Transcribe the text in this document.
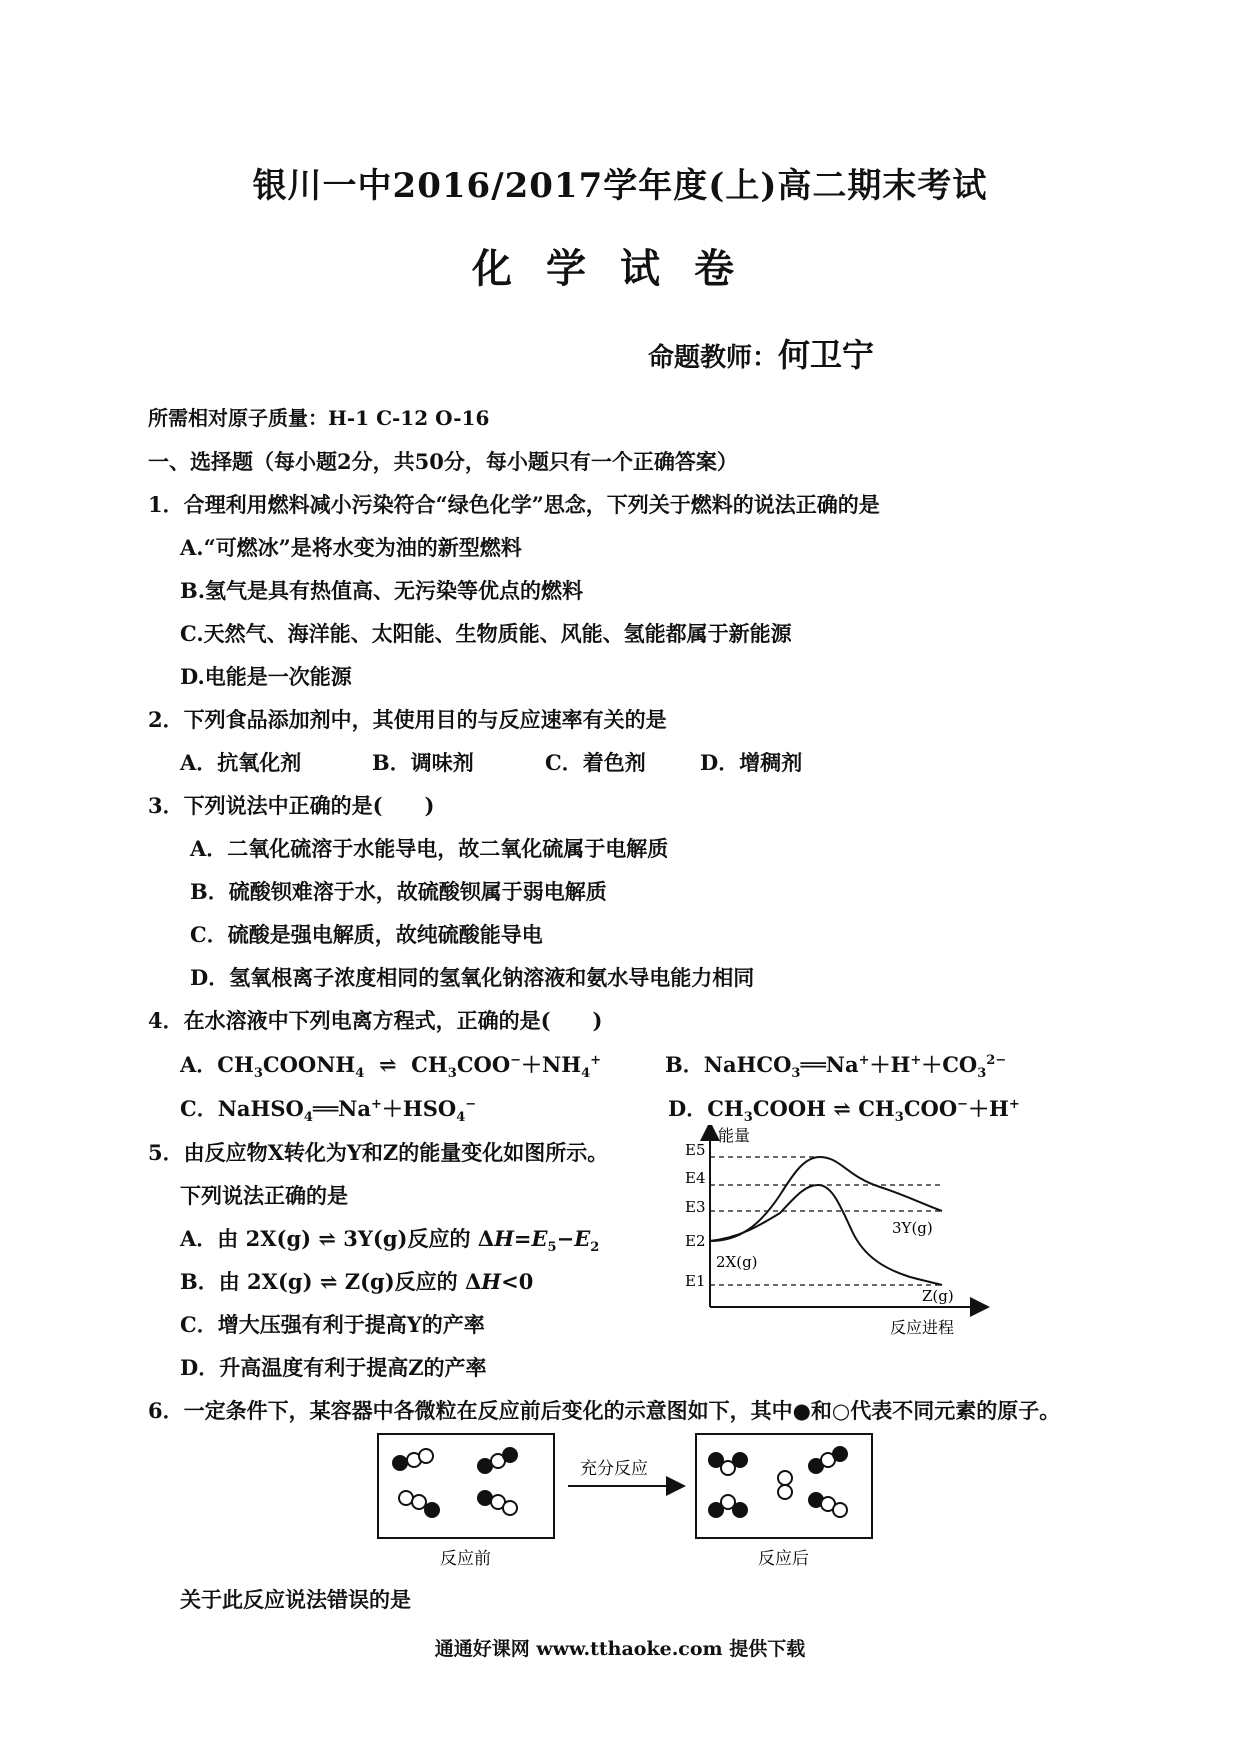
银川一中2016/2017学年度(上)高二期末考试
化学试卷
命题教师：何卫宁
所需相对原子质量：H-1 C-12 O-16
一、选择题（每小题2分，共50分，每小题只有一个正确答案）
1．合理利用燃料减小污染符合“绿色化学”思念，下列关于燃料的说法正确的是
A.“可燃冰”是将水变为油的新型燃料
B.氢气是具有热值高、无污染等优点的燃料
C.天然气、海洋能、太阳能、生物质能、风能、氢能都属于新能源
D.电能是一次能源
2．下列食品添加剂中，其使用目的与反应速率有关的是
A．抗氧化剂	B．调味剂	C．着色剂	D．增稠剂
3．下列说法中正确的是(　　)
A．二氧化硫溶于水能导电，故二氧化硫属于电解质
B．硫酸钡难溶于水，故硫酸钡属于弱电解质
C．硫酸是强电解质，故纯硫酸能导电
D．氢氧根离子浓度相同的氢氧化钠溶液和氨水导电能力相同
4．在水溶液中下列电离方程式，正确的是(　　)
A．$CH_3COONH_4$ ⇌  $CH_3COO^-+NH_4^+$	B．$NaHCO_3══Na^++H^++CO_3^{2-}$
C．$NaHSO_4══Na^++HSO_4^-$	D．$CH_3COOH$ ⇌ $CH_3COO^-+H^+$
5．由反应物X转化为Y和Z的能量变化如图所示。
下列说法正确的是
A．由 2X(g) ⇌ 3Y(g)反应的 $\Delta H=E_5-E_2$
B．由 2X(g) ⇌ Z(g)反应的 ΔH<0
C．增大压强有利于提高Y的产率
D．升高温度有利于提高Z的产率
E5
E4
E3
E2
E1
能量
2X(g)
3Y(g)
Z(g)
反应进程
6．一定条件下，某容器中各微粒在反应前后变化的示意图如下，其中●和○代表不同元素的原子。
充分反应
反应前	反应后
关于此反应说法错误的是
通通好课网 www.tthaoke.com 提供下载
